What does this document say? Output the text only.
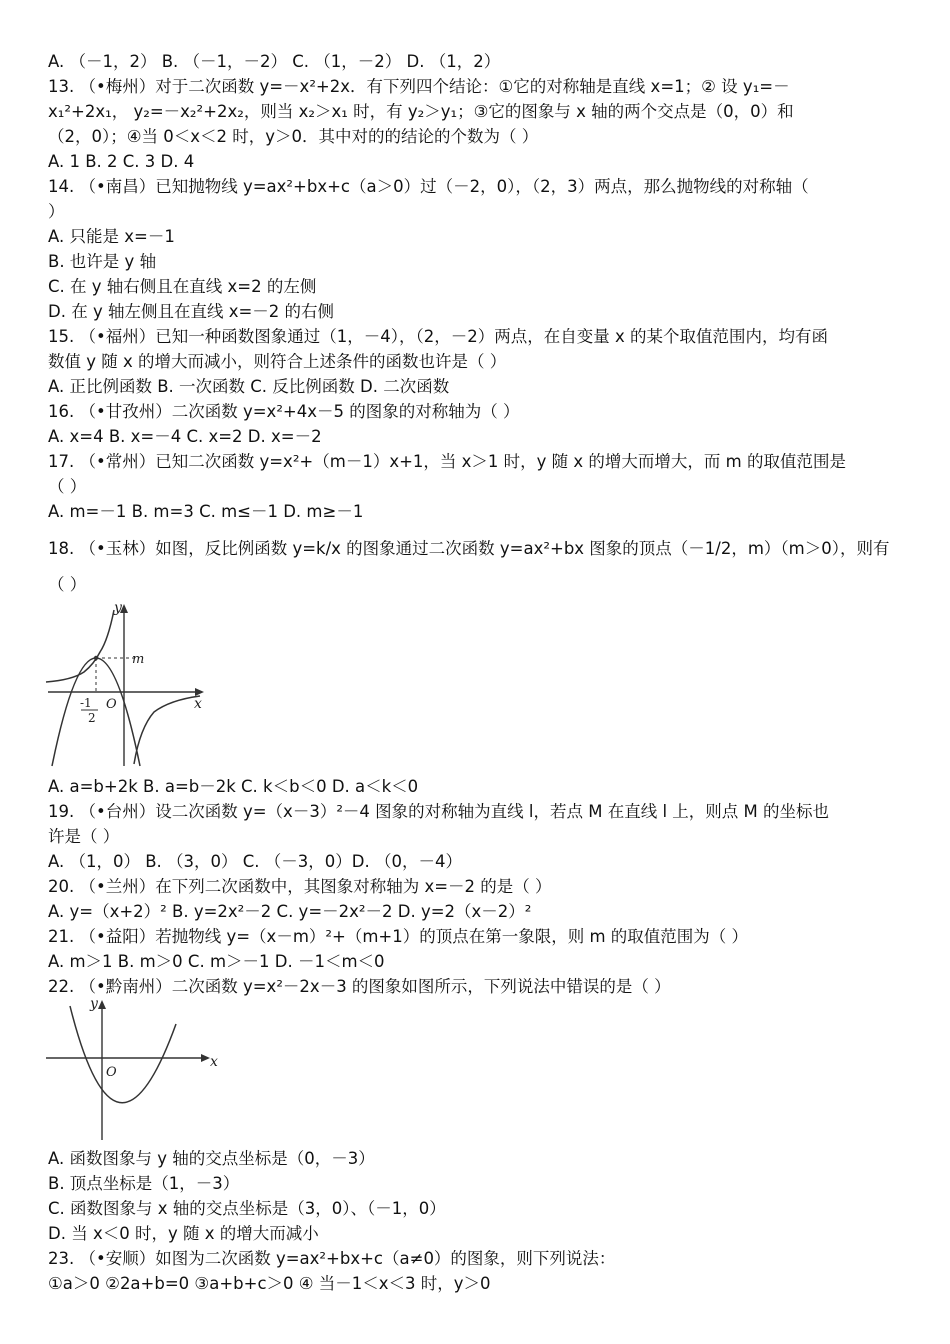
A. （－1，2） B. （－1，－2） C. （1，－2） D. （1，2）
13. （•梅州）对于二次函数 y=－x²+2x．有下列四个结论：①它的对称轴是直线 x=1；② 设 y₁=－
x₁²+2x₁， y₂=－x₂²+2x₂，则当 x₂＞x₁ 时，有 y₂＞y₁；③它的图象与 x 轴的两个交点是（0，0）和
（2，0）；④当 0＜x＜2 时，y＞0．其中对的的结论的个数为（ ）
A. 1 B. 2 C. 3 D. 4
14. （•南昌）已知抛物线 y=ax²+bx+c（a＞0）过（－2，0），（2，3）两点，那么抛物线的对称轴（
）
A. 只能是 x=－1
B. 也许是 y 轴
C. 在 y 轴右侧且在直线 x=2 的左侧
D. 在 y 轴左侧且在直线 x=－2 的右侧
15. （•福州）已知一种函数图象通过（1，－4），（2，－2）两点，在自变量 x 的某个取值范围内，均有函
数值 y 随 x 的增大而减小，则符合上述条件的函数也许是（ ）
A. 正比例函数 B. 一次函数 C. 反比例函数 D. 二次函数
16. （•甘孜州）二次函数 y=x²+4x－5 的图象的对称轴为（ ）
A. x=4 B. x=－4 C. x=2 D. x=－2
17. （•常州）已知二次函数 y=x²+（m－1）x+1，当 x＞1 时，y 随 x 的增大而增大，而 m 的取值范围是
（ ）
A. m=－1 B. m=3 C. m≤－1 D. m≥－1
18. （•玉林）如图，反比例函数 y=k/x 的图象通过二次函数 y=ax²+bx 图象的顶点（－1/2，m）（m＞0），则有
（ ）
y
m
O	x
-1
2
A. a=b+2k B. a=b－2k C. k＜b＜0 D. a＜k＜0
19. （•台州）设二次函数 y=（x－3）²－4 图象的对称轴为直线 l，若点 M 在直线 l 上，则点 M 的坐标也
许是（ ）
A. （1，0） B. （3，0） C. （－3，0）D. （0，－4）
20. （•兰州）在下列二次函数中，其图象对称轴为 x=－2 的是（ ）
A. y=（x+2）² B. y=2x²－2 C. y=－2x²－2 D. y=2（x－2）²
21. （•益阳）若抛物线 y=（x－m）²+（m+1）的顶点在第一象限，则 m 的取值范围为（ ）
A. m＞1 B. m＞0 C. m＞－1 D. －1＜m＜0
22. （•黔南州）二次函数 y=x²－2x－3 的图象如图所示，下列说法中错误的是（ ）
y
O
x
A. 函数图象与 y 轴的交点坐标是（0，－3）
B. 顶点坐标是（1，－3）
C. 函数图象与 x 轴的交点坐标是（3，0）、（－1，0）
D. 当 x＜0 时，y 随 x 的增大而减小
23. （•安顺）如图为二次函数 y=ax²+bx+c（a≠0）的图象，则下列说法：
①a＞0 ②2a+b=0 ③a+b+c＞0 ④ 当－1＜x＜3 时，y＞0
